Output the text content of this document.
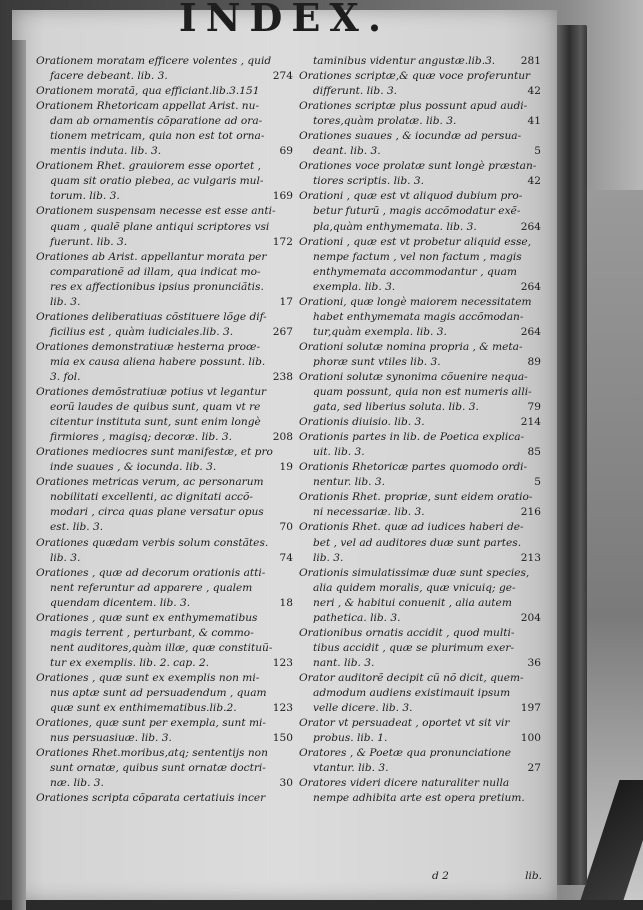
INDEX.
Orationem moratam efficere volentes , quid
274
facere debeant. lib. 3.
Orationem moratã, qua efficiant.lib.3.151
Orationem Rhetoricam appellat Arist. nu-
dam ab ornamentis cõparatione ad ora-
tionem metricam, quia non est tot orna-
69
mentis induta. lib. 3.
Orationem Rhet. grauiorem esse oportet ,
quam sit oratio plebea, ac vulgaris mul-
169
torum. lib. 3.
Orationem suspensam necesse est esse anti-
quam , qualẽ plane antiqui scriptores vsi
172
fuerunt. lib. 3.
Orationes ab Arist. appellantur morata per
comparationẽ ad illam, qua indicat mo-
res ex affectionibus ipsius pronunciãtis.
17
lib. 3.
Orationes deliberatiuas cõstituere lõge dif-
267
ficilius est , quàm iudiciales.lib. 3.
Orationes demonstratiuæ hesterna proœ-
mia ex causa aliena habere possunt. lib.
238
3. fol.
Orationes demõstratiuæ potius vt legantur
eorũ laudes de quibus sunt, quam vt re
citentur instituta sunt, sunt enim longè
208
firmiores , magisq; decoræ. lib. 3.
Orationes mediocres sunt manifestæ, et pro
19
inde suaues , & iocunda. lib. 3.
Orationes metricas verum, ac personarum
nobilitati excellenti, ac dignitati accõ-
modari , circa quas plane versatur opus
70
est. lib. 3.
Orationes quædam verbis solum constãtes.
74
lib. 3.
Orationes , quæ ad decorum orationis atti-
nent referuntur ad apparere , qualem
18
quendam dicentem. lib. 3.
Orationes , quæ sunt ex enthymematibus
magis terrent , perturbant, & commo-
nent auditores,quàm illæ, quæ constituũ-
123
tur ex exemplis. lib. 2. cap. 2.
Orationes , quæ sunt ex exemplis non mi-
nus aptæ sunt ad persuadendum , quam
123
quæ sunt ex enthimematibus.lib.2.
Orationes, quæ sunt per exempla, sunt mi-
150
nus persuasiuæ. lib. 3.
Orationes Rhet.moribus,atq; sententijs non
sunt ornatæ, quibus sunt ornatæ doctri-
30
næ. lib. 3.
Orationes scripta cõparata certatiuis incer
281
taminibus videntur angustæ.lib.3.
Orationes scriptæ,& quæ voce proferuntur
42
differunt. lib. 3.
Orationes scriptæ plus possunt apud audi-
41
tores,quàm prolatæ. lib. 3.
Orationes suaues , & iocundæ ad persua-
5
deant. lib. 3.
Orationes voce prolatæ sunt longè præstan-
42
tiores scriptis. lib. 3.
Orationi , quæ est vt aliquod dubium pro-
betur futurũ , magis accõmodatur exẽ-
264
pla,quàm enthymemata. lib. 3.
Orationi , quæ est vt probetur aliquid esse,
nempe factum , vel non factum , magis
enthymemata accommodantur , quam
264
exempla. lib. 3.
Orationi, quæ longè maiorem necessitatem
habet enthymemata magis accõmodan-
264
tur,quàm exempla. lib. 3.
Orationi solutæ nomina propria , & meta-
89
phoræ sunt vtiles lib. 3.
Orationi solutæ synonima cõuenire nequa-
quam possunt, quia non est numeris alli-
79
gata, sed liberius soluta. lib. 3.
214
Orationis diuisio. lib. 3.
Orationis partes in lib. de Poetica explica-
85
uit. lib. 3.
Orationis Rhetoricæ partes quomodo ordi-
5
nentur. lib. 3.
Orationis Rhet. propriæ, sunt eidem oratio-
216
ni necessariæ. lib. 3.
Orationis Rhet. quæ ad iudices haberi de-
bet , vel ad auditores duæ sunt partes.
213
lib. 3.
Orationis simulatissimæ duæ sunt species,
alia quidem moralis, quæ vnicuiq; ge-
neri , & habitui conuenit , alia autem
204
pathetica. lib. 3.
Orationibus ornatis accidit , quod multi-
tibus accidit , quæ se plurimum exer-
36
nant. lib. 3.
Orator auditorẽ decipit cũ nõ dicit, quem-
admodum audiens existimauit ipsum
197
velle dicere. lib. 3.
Orator vt persuadeat , oportet vt sit vir
100
probus. lib. 1.
Oratores , & Poetæ qua pronunciatione
27
vtantur. lib. 3.
Oratores videri dicere naturaliter nulla
nempe adhibita arte est opera pretium.
d 2	lib.
